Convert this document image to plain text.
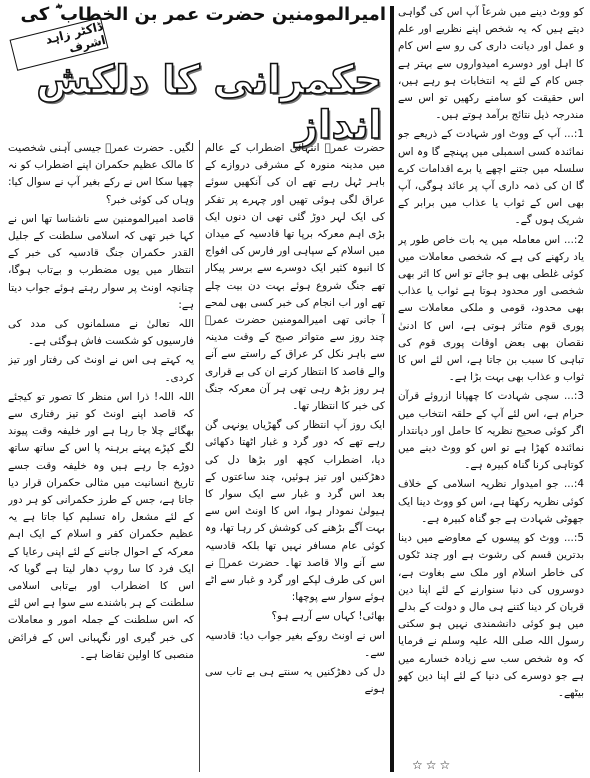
ڈاکٹر زاہد اشرف
امیرالمومنین حضرت عمر بن الخطاب ؓ کی
حکمرانی کا دلکش انداز

کو ووٹ دینے میں شرعاً آپ اس کی گواہی دیتے ہیں کہ یہ شخص اپنے نظریے اور علم و عمل اور دیانت داری کی رو سے اس کام کا اہل اور دوسرے امیدواروں سے بہتر ہے جس کام کے لئے یہ انتخابات ہو رہے ہیں، اس حقیقت کو سامنے رکھیں تو اس سے مندرجہ ذیل نتائج برآمد ہوتے ہیں۔

1:... آپ کے ووٹ اور شہادت کے ذریعے جو نمائندہ کسی اسمبلی میں پہنچے گا وہ اس سلسلہ میں جتنے اچھے یا برے اقدامات کرے گا ان کی ذمہ داری آپ پر عائد ہوگی، آپ بھی اس کے ثواب یا عذاب میں برابر کے شریک ہوں گے۔

2:... اس معاملہ میں یہ بات خاص طور پر یاد رکھنے کی ہے کہ شخصی معاملات میں کوئی غلطی بھی ہو جائے تو اس کا اثر بھی شخصی اور محدود ہوتا ہے ثواب یا عذاب بھی محدود، قومی و ملکی معاملات سے پوری قوم متاثر ہوتی ہے، اس کا ادنیٰ نقصان بھی بعض اوقات پوری قوم کی تباہی کا سبب بن جاتا ہے، اس لئے اس کا ثواب و عذاب بھی بہت بڑا ہے۔

3:... سچی شہادت کا چھپانا ازروئے قرآن حرام ہے، اس لئے آپ کے حلقہ انتخاب میں اگر کوئی صحیح نظریہ کا حامل اور دیانتدار نمائندہ کھڑا ہے تو اس کو ووٹ دینے میں کوتاہی کرنا گناہ کبیرہ ہے۔

4:... جو امیدوار نظریہ اسلامی کے خلاف کوئی نظریہ رکھتا ہے، اس کو ووٹ دینا ایک جھوٹی شہادت ہے جو گناہ کبیرہ ہے۔

5:... ووٹ کو پیسوں کے معاوضے میں دینا بدترین قسم کی رشوت ہے اور چند ٹکوں کی خاطر اسلام اور ملک سے بغاوت ہے، دوسروں کی دنیا سنوارنے کے لئے اپنا دین قربان کر دینا کتنے ہی مال و دولت کے بدلے میں ہو کوئی دانشمندی نہیں ہو سکتی رسول اللہ صلی اللہ علیہ وسلم نے فرمایا کہ وہ شخص سب سے زیادہ خسارے میں ہے جو دوسرے کی دنیا کے لئے اپنا دین کھو بیٹھے۔

☆☆☆

حضرت عمرؓ انتہائی اضطراب کے عالم میں مدینہ منورہ کے مشرقی دروازے کے باہر ٹہل رہے تھے ان کی آنکھیں سوئے عراق لگی ہوئی تھیں اور چہرے پر تفکر کی ایک لہر دوڑ گئی تھی ان دنوں ایک بڑی اہم معرکہ برپا تھا قادسیہ کے میدان میں اسلام کے سپاہی اور فارس کی افواج کا انبوہ کثیر ایک دوسرے سے برسر پیکار تھے جنگ شروع ہوئے بہت دن بیت چلے تھے اور اب انجام کی خبر کسی بھی لمحے آ جانی تھی امیرالمومنین حضرت عمرؓ چند روز سے متواتر صبح کے وقت مدینہ سے باہر نکل کر عراق کے راستے سے آنے والے قاصد کا انتظار کرتے ان کی بے قراری ہر روز بڑھ رہی تھی ہر آن معرکہ جنگ کی خبر کا انتظار تھا۔

ایک روز آپ انتظار کی گھڑیاں یونہی گن رہے تھے کہ دور گرد و غبار اٹھتا دکھائی دیا، اضطراب کچھ اور بڑھا دل کی دھڑکنیں اور تیز ہوئیں، چند ساعتوں کے بعد اس گرد و غبار سے ایک سوار کا ہیولیٰ نمودار ہوا، اس کا اونٹ اس سے بہت آگے بڑھنے کی کوشش کر رہا تھا، وہ کوئی عام مسافر نہیں تھا بلکہ قادسیہ سے آنے والا قاصد تھا۔ حضرت عمرؓ نے اس کی طرف لپکے اور گرد و غبار سے اٹے ہوئے سوار سے پوچھا:

بھائی! کہاں سے آرہے ہو؟

اس نے اونٹ روکے بغیر جواب دیا: قادسیہ سے۔

دل کی دھڑکنیں یہ سنتے ہی بے تاب سی ہونے

لگیں۔ حضرت عمرؓ جیسی آہنی شخصیت کا مالک عظیم حکمران اپنے اضطراب کو نہ چھپا سکا اس نے رکے بغیر آپ نے سوال کیا: وہاں کی کوئی خبر؟

قاصد امیرالمومنین سے ناشناسا تھا اس نے کہا خبر تھی کہ اسلامی سلطنت کے جلیل القدر حکمران جنگ قادسیہ کی خبر کے انتظار میں یوں مضطرب و بےتاب ہوگا، چنانچہ اونٹ پر سوار رہتے ہوئے جواب دیتا ہے:

اللہ تعالیٰ نے مسلمانوں کی مدد کی فارسیوں کو شکست فاش ہوگئی ہے۔

یہ کہتے ہی اس نے اونٹ کی رفتار اور تیز کردی۔

اللہ اللہ! ذرا اس منظر کا تصور تو کیجئے کہ قاصد اپنے اونٹ کو تیز رفتاری سے بھگائے چلا جا رہا ہے اور خلیفہ وقت پیوند لگے کپڑے پہنے برہنہ پا اس کے ساتھ ساتھ دوڑے جا رہے ہیں وہ خلیفہ وقت جسے تاریخ انسانیت میں مثالی حکمران قرار دیا جاتا ہے، جس کے طرز حکمرانی کو ہر دور کے لئے مشعل راہ تسلیم کیا جاتا ہے یہ عظیم حکمران کفر و اسلام کے ایک اہم معرکہ کے احوال جاننے کے لئے اپنی رعایا کے ایک فرد کا سا روپ دھار لیتا ہے گویا کہ اس کا اضطراب اور بےتابی اسلامی سلطنت کے ہر باشندے سے سوا ہے اس لئے کہ اس سلطنت کے جملہ امور و معاملات کی خبر گیری اور نگہبانی اس کے فرائض منصبی کا اولین تقاضا ہے۔
